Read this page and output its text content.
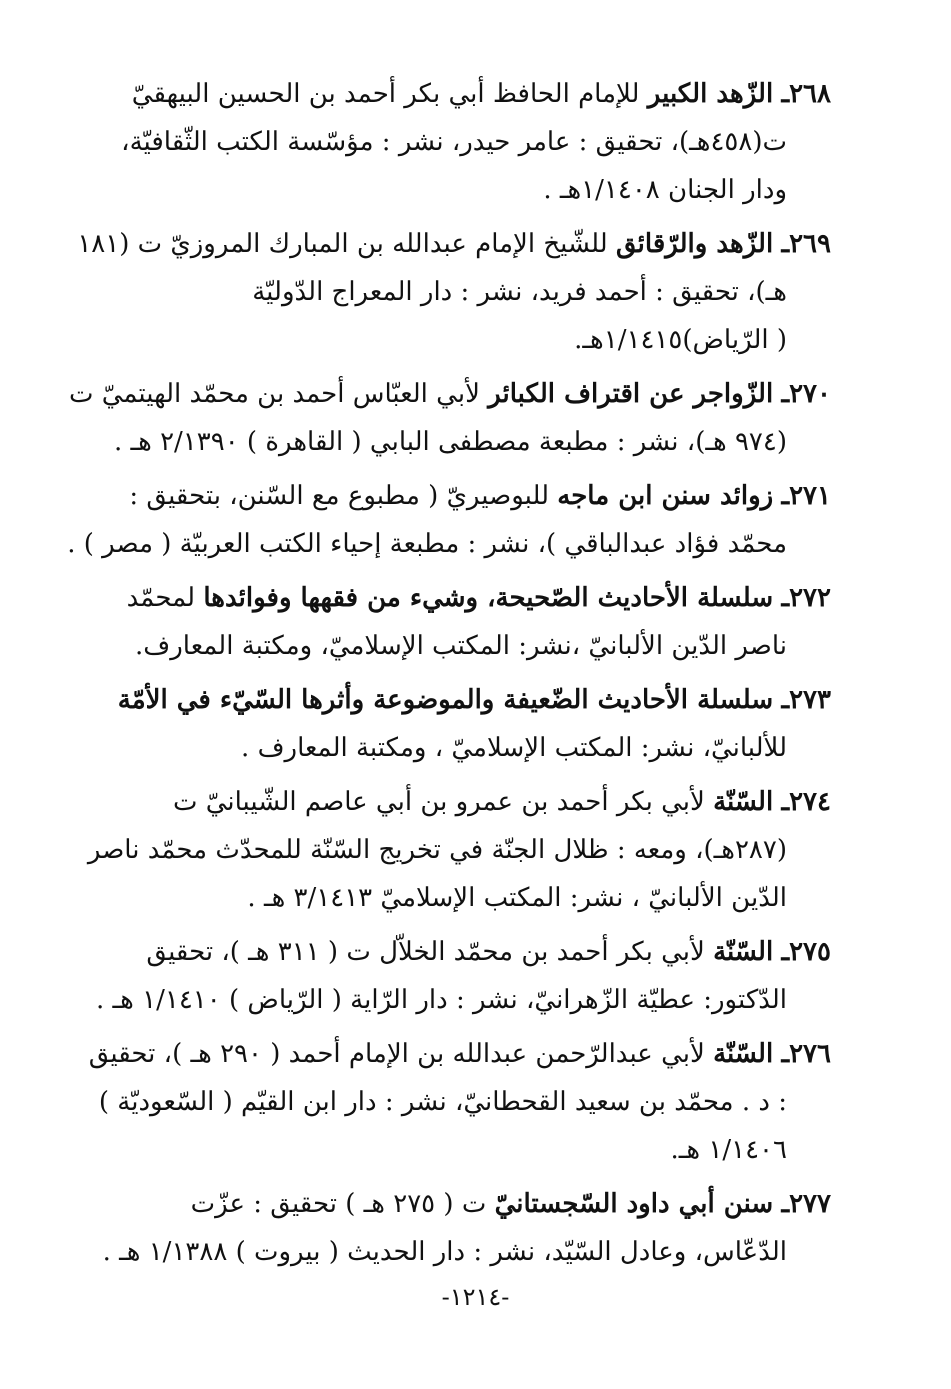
٢٦٨ـ الزّهد الكبير للإمام الحافظ أبي بكر أحمد بن الحسين البيهقيّ
ت(٤٥٨هـ)، تحقيق : عامر حيدر، نشر : مؤسّسة الكتب الثّقافيّة،
ودار الجنان ١/١٤٠٨هـ .
٢٦٩ـ الزّهد والرّقائق للشّيخ الإمام عبدالله بن المبارك المروزيّ ت (١٨١
هـ)، تحقيق : أحمد فريد، نشر : دار المعراج الدّوليّة
( الرّياض)١/١٤١٥هـ.
٢٧٠ـ الزّواجر عن اقتراف الكبائر لأبي العبّاس أحمد بن محمّد الهيتميّ ت
(٩٧٤ هـ)، نشر : مطبعة مصطفى البابي ( القاهرة ) ٢/١٣٩٠ هـ .
٢٧١ـ زوائد سنن ابن ماجه للبوصيريّ ( مطبوع مع السّنن، بتحقيق :
محمّد فؤاد عبدالباقي )، نشر : مطبعة إحياء الكتب العربيّة ( مصر ) .
٢٧٢ـ سلسلة الأحاديث الصّحيحة، وشيء من فقهها وفوائدها لمحمّد
ناصر الدّين الألبانيّ ،نشر: المكتب الإسلاميّ، ومكتبة المعارف.
٢٧٣ـ سلسلة الأحاديث الضّعيفة والموضوعة وأثرها السّيّء في الأمّة
للألبانيّ، نشر: المكتب الإسلاميّ ، ومكتبة المعارف .
٢٧٤ـ السّنّة لأبي بكر أحمد بن عمرو بن أبي عاصم الشّيبانيّ ت
(٢٨٧هـ)، ومعه : ظلال الجنّة في تخريج السّنّة للمحدّث محمّد ناصر
الدّين الألبانيّ ، نشر: المكتب الإسلاميّ ٣/١٤١٣ هـ .
٢٧٥ـ السّنّة لأبي بكر أحمد بن محمّد الخلاّل ت ( ٣١١ هـ )، تحقيق
الدّكتور: عطيّة الزّهرانيّ، نشر : دار الرّاية ( الرّياض ) ١/١٤١٠ هـ .
٢٧٦ـ السّنّة لأبي عبدالرّحمن عبدالله بن الإمام أحمد ( ٢٩٠ هـ )، تحقيق
: د . محمّد بن سعيد القحطانيّ، نشر : دار ابن القيّم ( السّعوديّة )
١/١٤٠٦ هـ.
٢٧٧ـ سنن أبي داود السّجستانيّ ت ( ٢٧٥ هـ ) تحقيق : عزّت
الدّعّاس، وعادل السّيّد، نشر : دار الحديث ( بيروت ) ١/١٣٨٨ هـ .
-١٢١٤-
